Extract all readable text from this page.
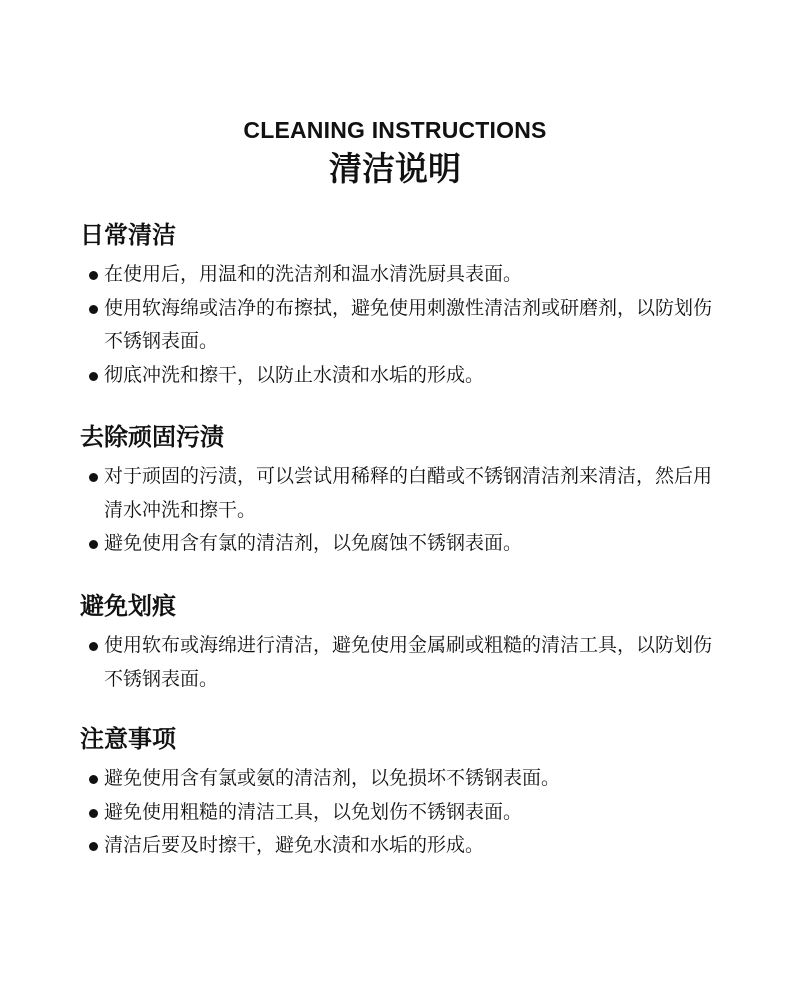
CLEANING INSTRUCTIONS
清洁说明
日常清洁
在使用后，用温和的洗洁剂和温水清洗厨具表面。
使用软海绵或洁净的布擦拭，避免使用刺激性清洁剂或研磨剂，以防划伤不锈钢表面。
彻底冲洗和擦干，以防止水渍和水垢的形成。
去除顽固污渍
对于顽固的污渍，可以尝试用稀释的白醋或不锈钢清洁剂来清洁，然后用清水冲洗和擦干。
避免使用含有氯的清洁剂，以免腐蚀不锈钢表面。
避免划痕
使用软布或海绵进行清洁，避免使用金属刷或粗糙的清洁工具，以防划伤不锈钢表面。
注意事项
避免使用含有氯或氨的清洁剂，以免损坏不锈钢表面。
避免使用粗糙的清洁工具，以免划伤不锈钢表面。
清洁后要及时擦干，避免水渍和水垢的形成。
